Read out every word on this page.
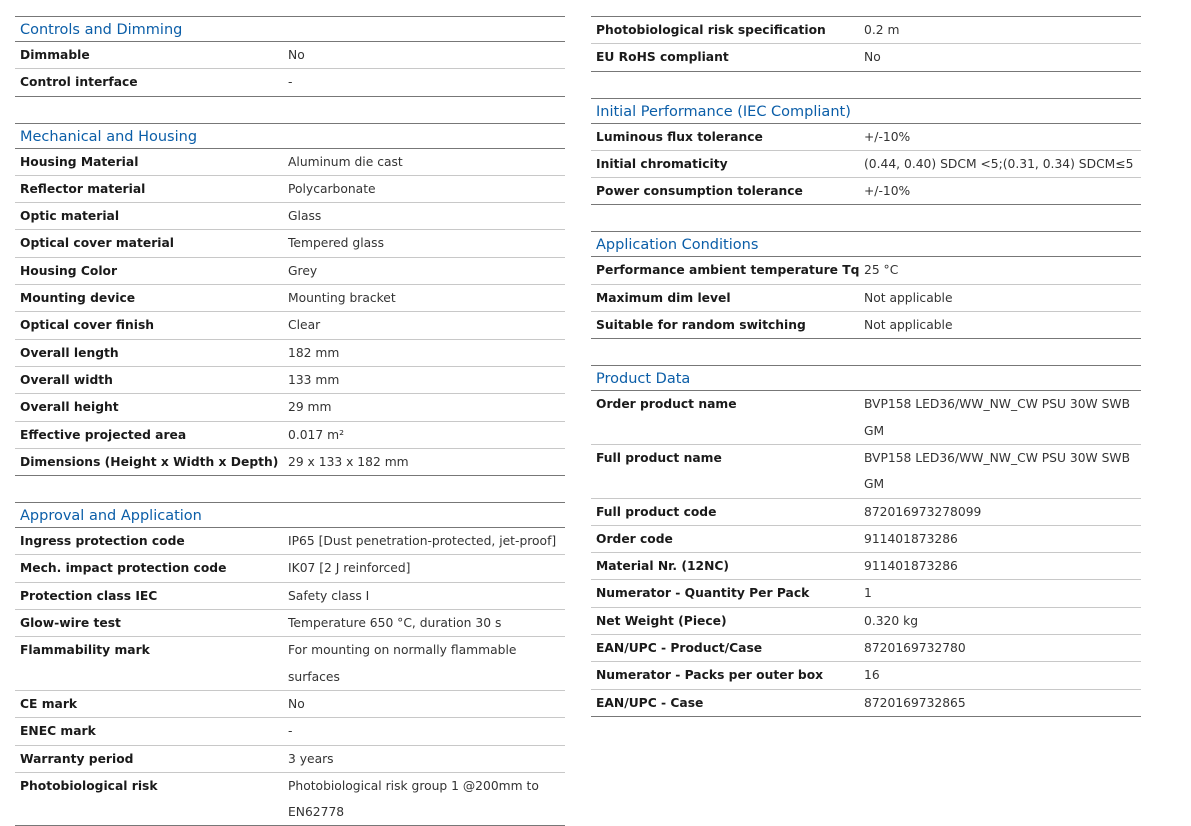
Controls and Dimming
Dimmable	No
Control interface	-
Mechanical and Housing
Housing Material	Aluminum die cast
Reflector material	Polycarbonate
Optic material	Glass
Optical cover material	Tempered glass
Housing Color	Grey
Mounting device	Mounting bracket
Optical cover finish	Clear
Overall length	182 mm
Overall width	133 mm
Overall height	29 mm
Effective projected area	0.017 m²
Dimensions (Height x Width x Depth) 29 x 133 x 182 mm
Approval and Application
Ingress protection code	IP65 [Dust penetration-protected, jet-proof]
Mech. impact protection code	IK07 [2 J reinforced]
Protection class IEC	Safety class I
Glow-wire test	Temperature 650 °C, duration 30 s
Flammability mark	For mounting on normally flammable surfaces
CE mark	No
ENEC mark	-
Warranty period	3 years
Photobiological risk	Photobiological risk group 1 @200mm to EN62778
Photobiological risk specification	0.2 m
EU RoHS compliant	No
Initial Performance (IEC Compliant)
Luminous flux tolerance	+/-10%
Initial chromaticity	(0.44, 0.40) SDCM <5;(0.31, 0.34) SDCM≤5
Power consumption tolerance	+/-10%
Application Conditions
Performance ambient temperature Tq 25 °C
Maximum dim level	Not applicable
Suitable for random switching	Not applicable
Product Data
Order product name	BVP158 LED36/WW_NW_CW PSU 30W SWB GM
Full product name	BVP158 LED36/WW_NW_CW PSU 30W SWB GM
Full product code	872016973278099
Order code	911401873286
Material Nr. (12NC)	911401873286
Numerator - Quantity Per Pack	1
Net Weight (Piece)	0.320 kg
EAN/UPC - Product/Case	8720169732780
Numerator - Packs per outer box	16
EAN/UPC - Case	8720169732865
